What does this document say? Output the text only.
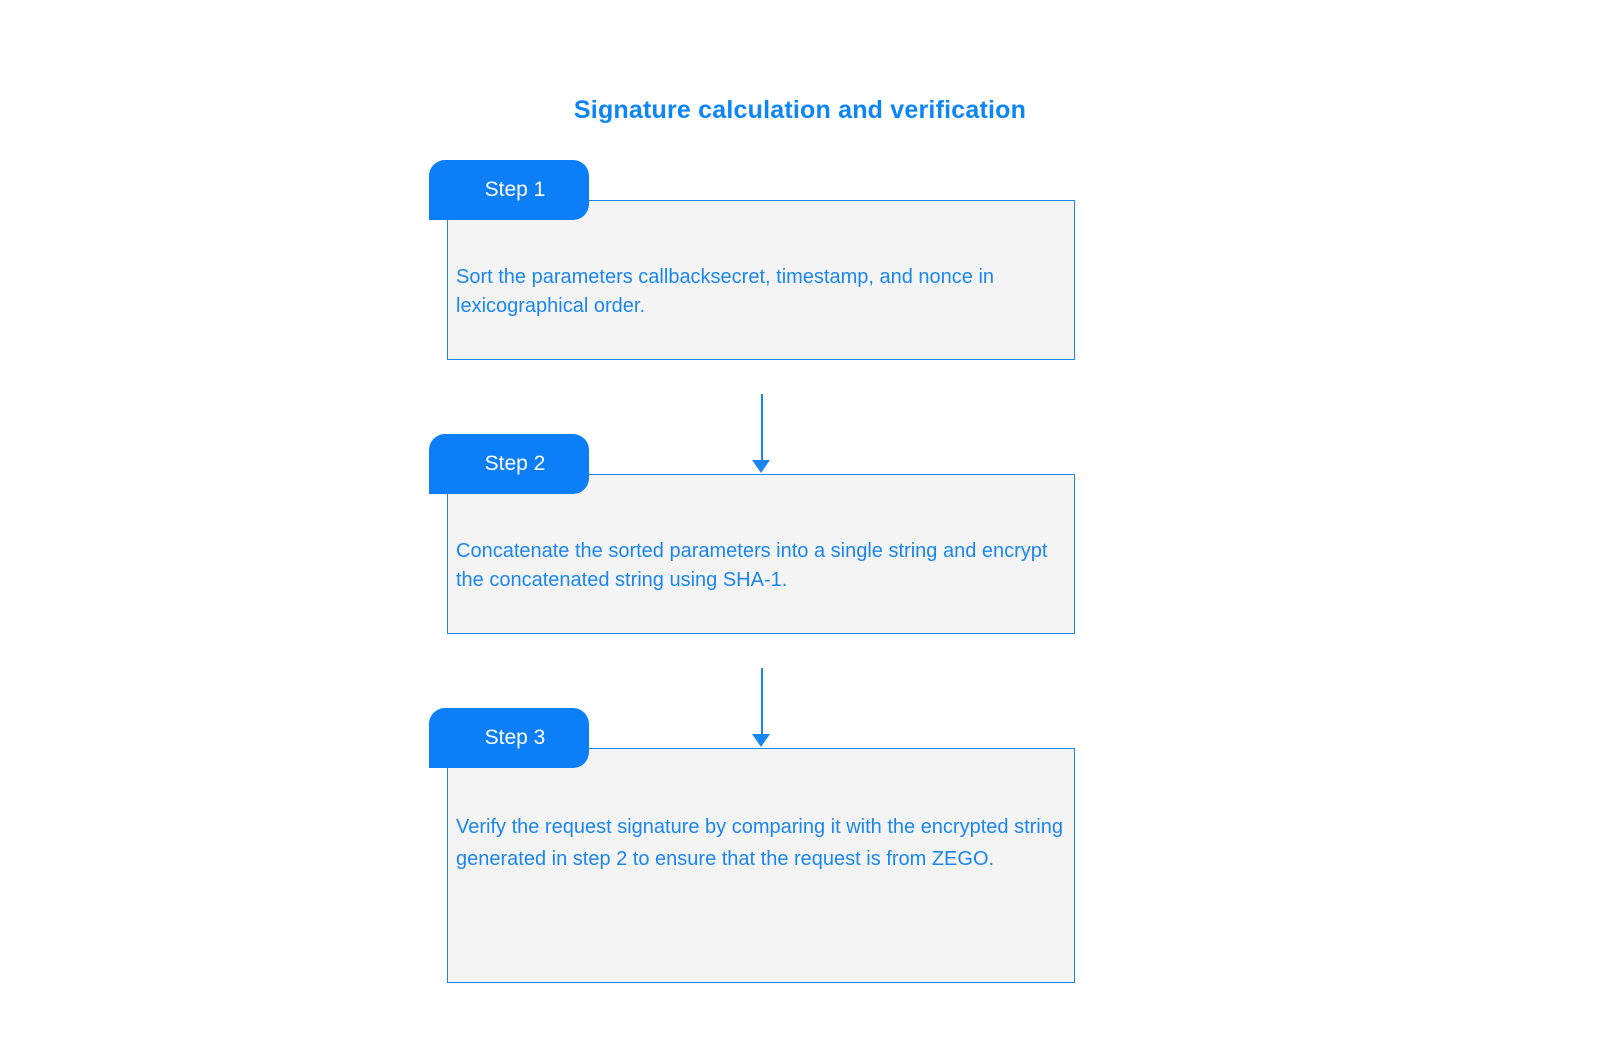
Signature calculation and verification
Sort the parameters callbacksecret, timestamp, and nonce in lexicographical order.
Step 1
Concatenate the sorted parameters into a single string and encrypt the concatenated string using SHA-1.
Step 2
Verify the request signature by comparing it with the encrypted string generated in step 2 to ensure that the request is from ZEGO.
Step 3
